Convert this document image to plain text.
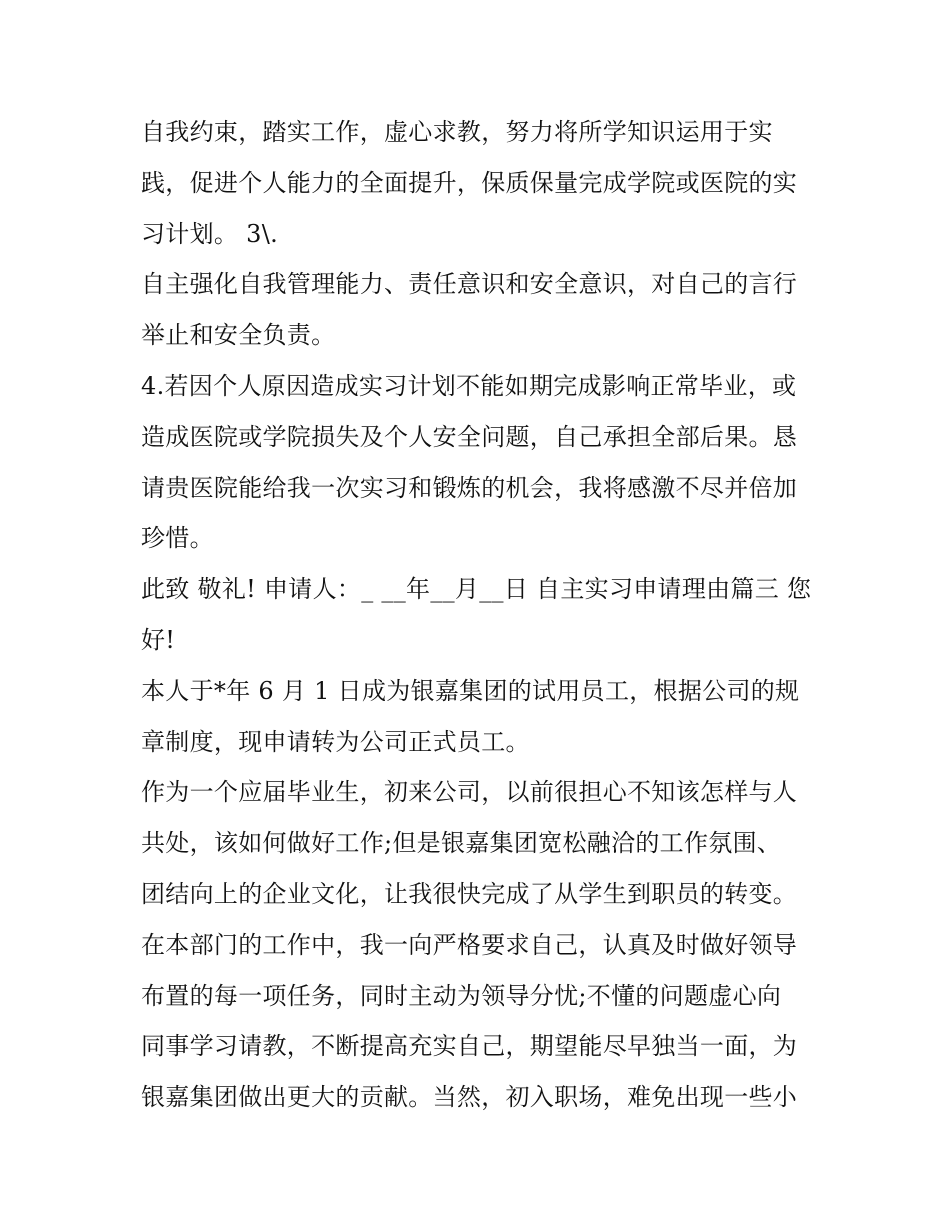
自我约束，踏实工作，虚心求教，努力将所学知识运用于实
践，促进个人能力的全面提升，保质保量完成学院或医院的实
习计划。 3\.
自主强化自我管理能力、责任意识和安全意识，对自己的言行
举止和安全负责。
4.若因个人原因造成实习计划不能如期完成影响正常毕业，或
造成医院或学院损失及个人安全问题，自己承担全部后果。恳
请贵医院能给我一次实习和锻炼的机会，我将感激不尽并倍加
珍惜。
此致 敬礼! 申请人：_ __年__月__日 自主实习申请理由篇三 您
好!
本人于*年 6 月 1 日成为银嘉集团的试用员工，根据公司的规
章制度，现申请转为公司正式员工。
作为一个应届毕业生，初来公司，以前很担心不知该怎样与人
共处，该如何做好工作;但是银嘉集团宽松融洽的工作氛围、
团结向上的企业文化，让我很快完成了从学生到职员的转变。
在本部门的工作中，我一向严格要求自己，认真及时做好领导
布置的每一项任务，同时主动为领导分忧;不懂的问题虚心向
同事学习请教，不断提高充实自己，期望能尽早独当一面，为
银嘉集团做出更大的贡献。当然，初入职场，难免出现一些小
